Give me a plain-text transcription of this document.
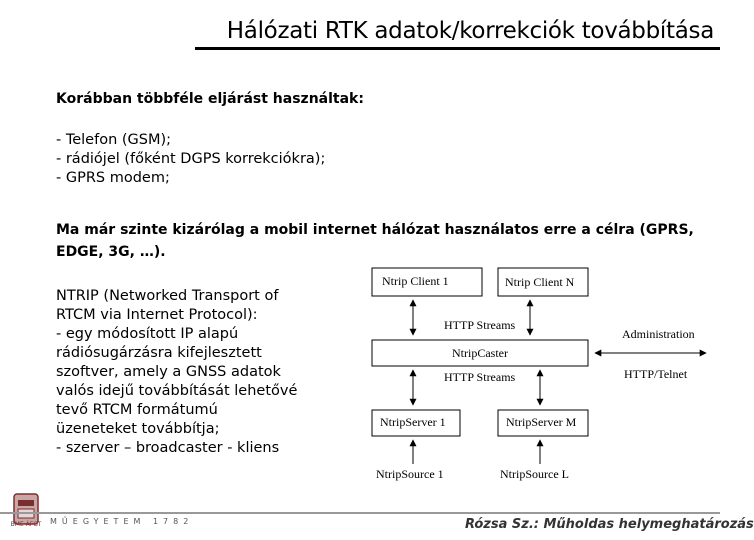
Hálózati RTK adatok/korrekciók továbbítása
Korábban többféle eljárást használtak:
- Telefon (GSM);
- rádiójel (főként DGPS korrekciókra);
- GPRS modem;
Ma már szinte kizárólag a mobil internet hálózat használatos erre a célra (GPRS,
EDGE, 3G, …).
NTRIP (Networked Transport of
RTCM via Internet Protocol):
- egy módosított IP alapú
rádiósugárzásra kifejlesztett
szoftver, amely a GNSS adatok
valós idejű továbbítását lehetővé
tevő RTCM formátumú
üzeneteket továbbítja;
- szerver – broadcaster - kliens
Ntrip Client 1	Ntrip Client N
HTTP Streams
NtripCaster
Administration
HTTP/Telnet
HTTP Streams
NtripServer 1	NtripServer M
NtripSource 1	NtripSource L
BME·ÁFGT MŰEGYETEM 1782	Rózsa Sz.: Műholdas helymeghatározás
